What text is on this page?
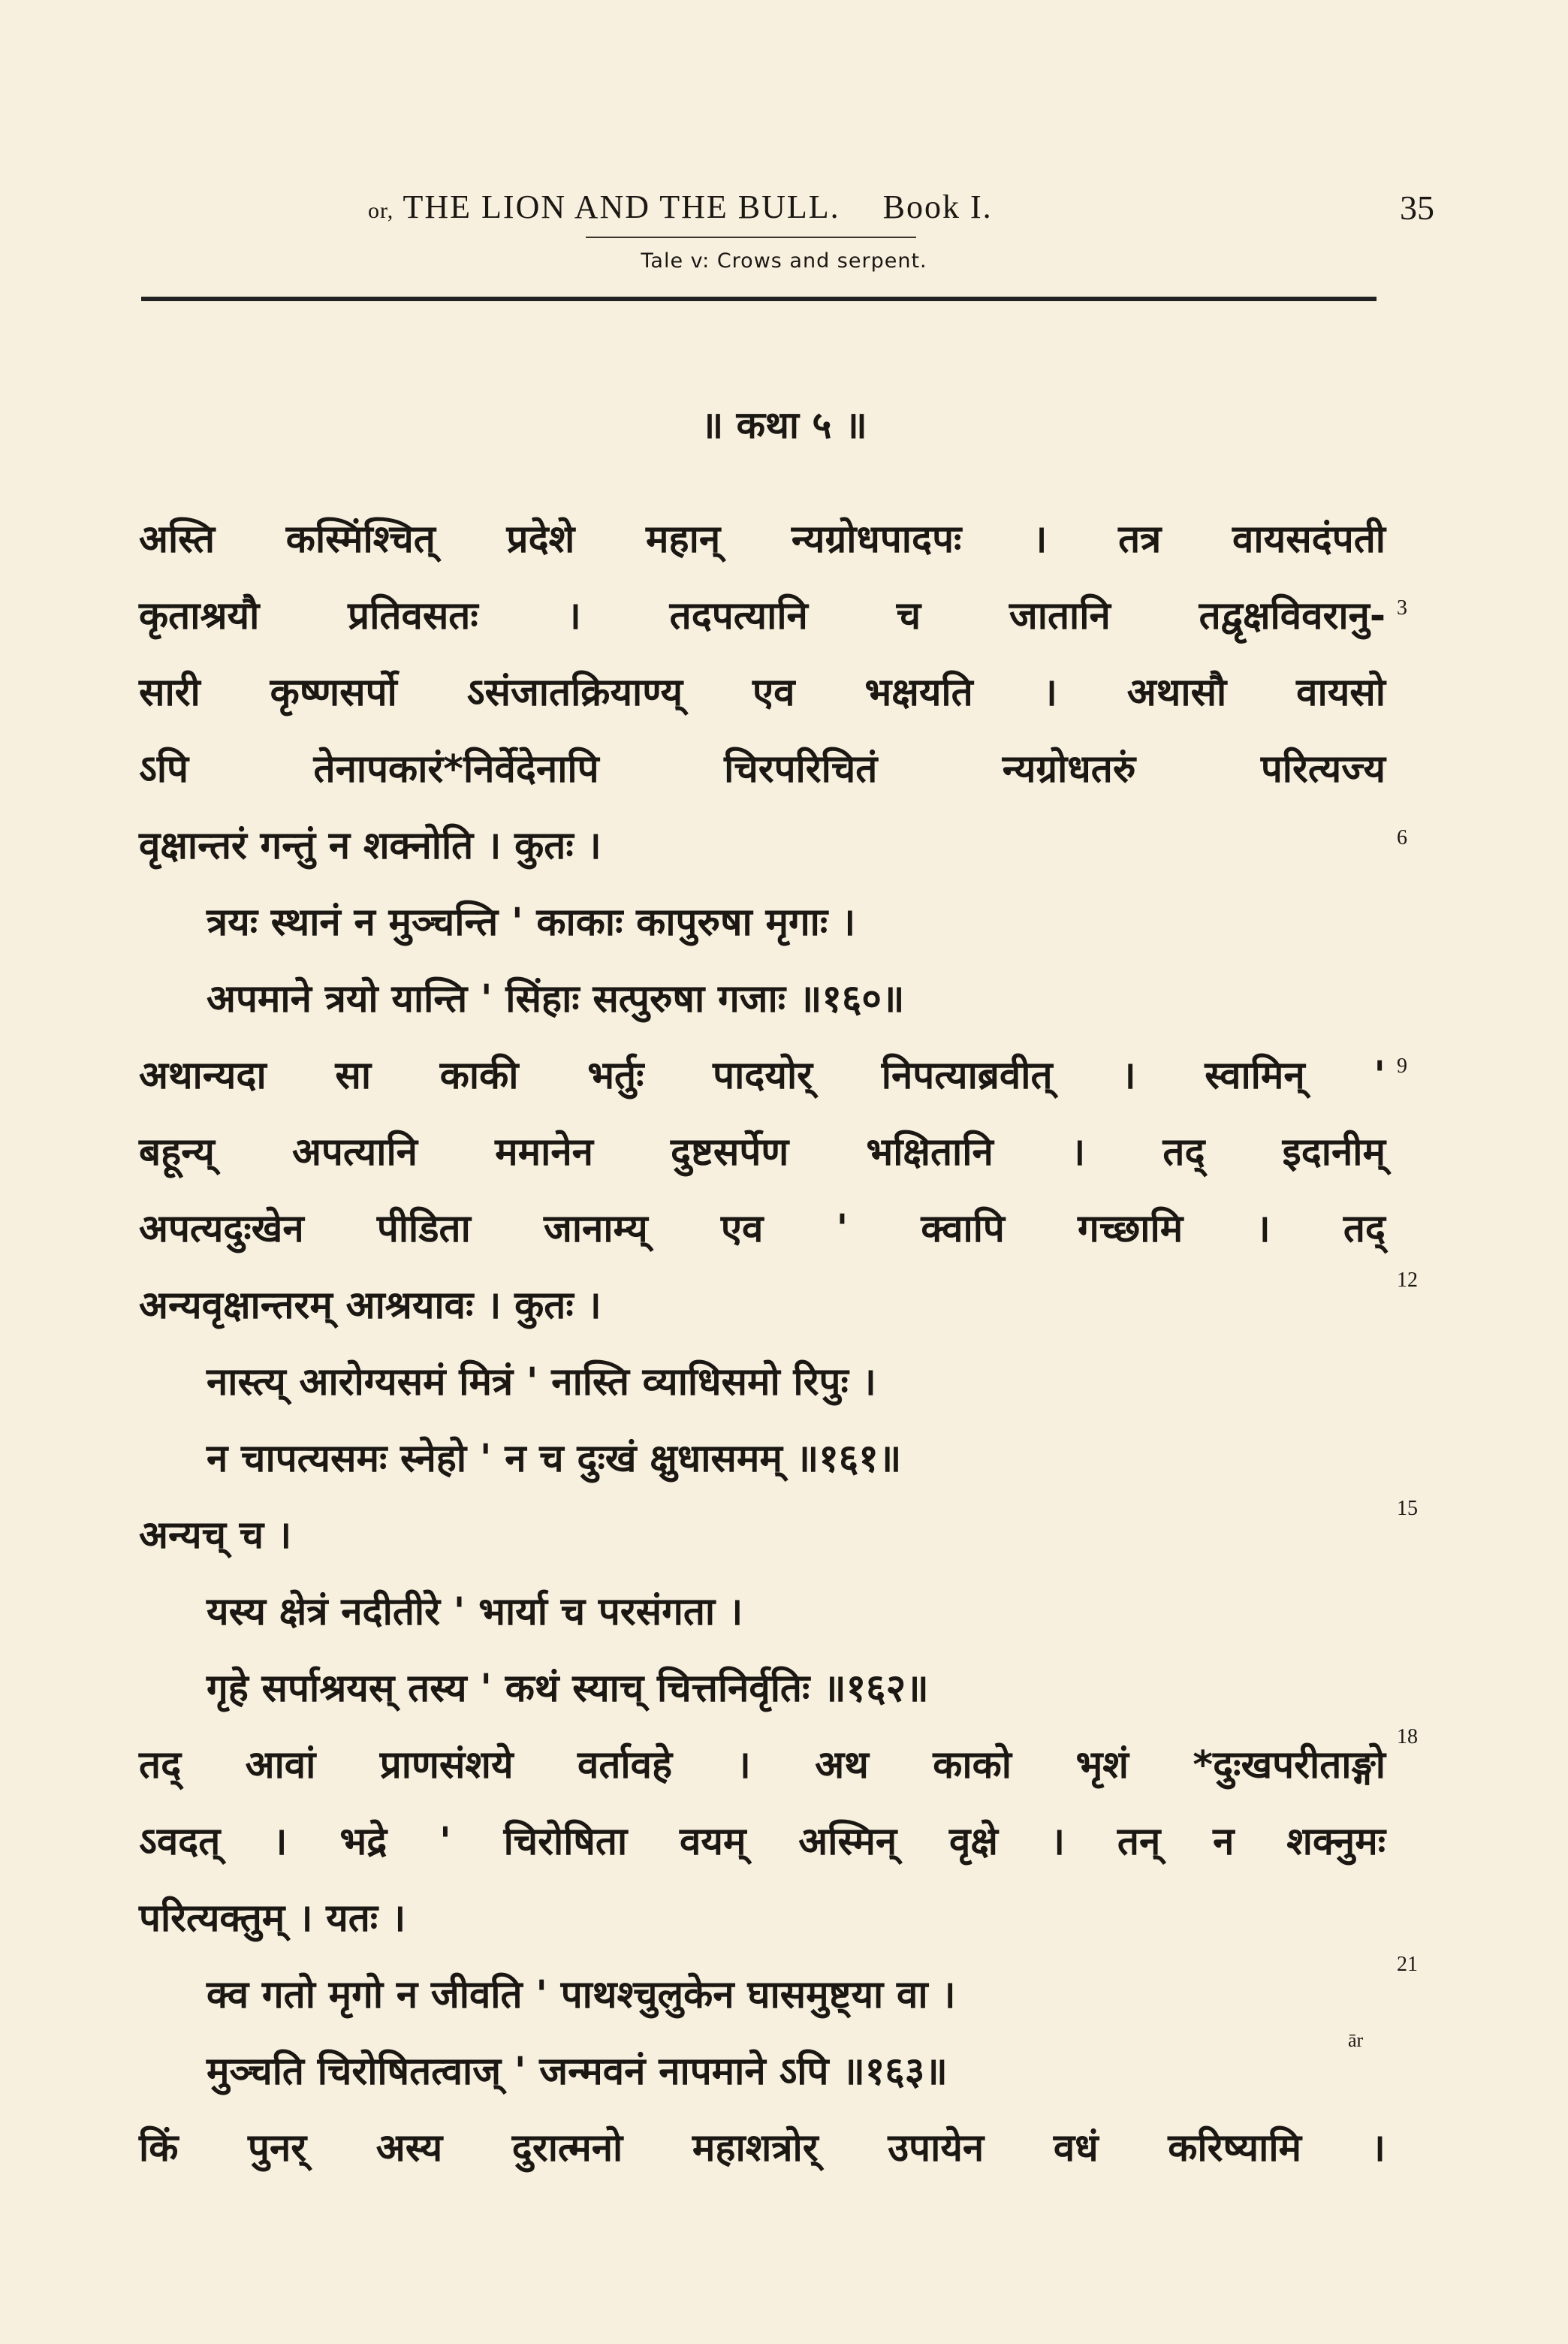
or, THE LION AND THE BULL. Book I.	35
Tale v: Crows and serpent.
॥ कथा ५ ॥
अस्ति कस्मिंश्चित् प्रदेशे महान् न्यग्रोधपादपः । तत्र वायसदंपती
कृताश्रयौ प्रतिवसतः । तदपत्यानि च जातानि तद्वृक्षविवरानु-
सारी कृष्णसर्पो ऽसंजातक्रियाण्य् एव भक्षयति । अथासौ वायसो
ऽपि तेनापकारं*निर्वेदेनापि चिरपरिचितं न्यग्रोधतरुं परित्यज्य
वृक्षान्तरं गन्तुं न शक्नोति । कुतः ।
त्रयः स्थानं न मुञ्चन्ति ' काकाः कापुरुषा मृगाः ।
अपमाने त्रयो यान्ति ' सिंहाः सत्पुरुषा गजाः ॥१६०॥
अथान्यदा सा काकी भर्तुः पादयोर् निपत्याब्रवीत् । स्वामिन् '
बहून्य् अपत्यानि ममानेन दुष्टसर्पेण भक्षितानि । तद् इदानीम्
अपत्यदुःखेन पीडिता जानाम्य् एव ' क्वापि गच्छामि । तद्
अन्यवृक्षान्तरम् आश्रयावः । कुतः ।
नास्त्य् आरोग्यसमं मित्रं ' नास्ति व्याधिसमो रिपुः ।
न चापत्यसमः स्नेहो ' न च दुःखं क्षुधासमम् ॥१६१॥
अन्यच् च ।
यस्य क्षेत्रं नदीतीरे ' भार्या च परसंगता ।
गृहे सर्पाश्रयस् तस्य ' कथं स्याच् चित्तनिर्वृतिः ॥१६२॥
तद् आवां प्राणसंशये वर्तावहे । अथ काको भृशं *दुःखपरीताङ्गो
ऽवदत् । भद्रे ' चिरोषिता वयम् अस्मिन् वृक्षे । तन् न शक्नुमः
परित्यक्तुम् । यतः ।
क्व गतो मृगो न जीवति ' पाथश्चुलुकेन घासमुष्ट्या वा ।
मुञ्चति चिरोषितत्वाज् ' जन्मवनं नापमाने ऽपि ॥१६३॥
किं पुनर् अस्य दुरात्मनो महाशत्रोर् उपायेन वधं करिष्यामि ।
3
6
9
12
15
18
21
ār
